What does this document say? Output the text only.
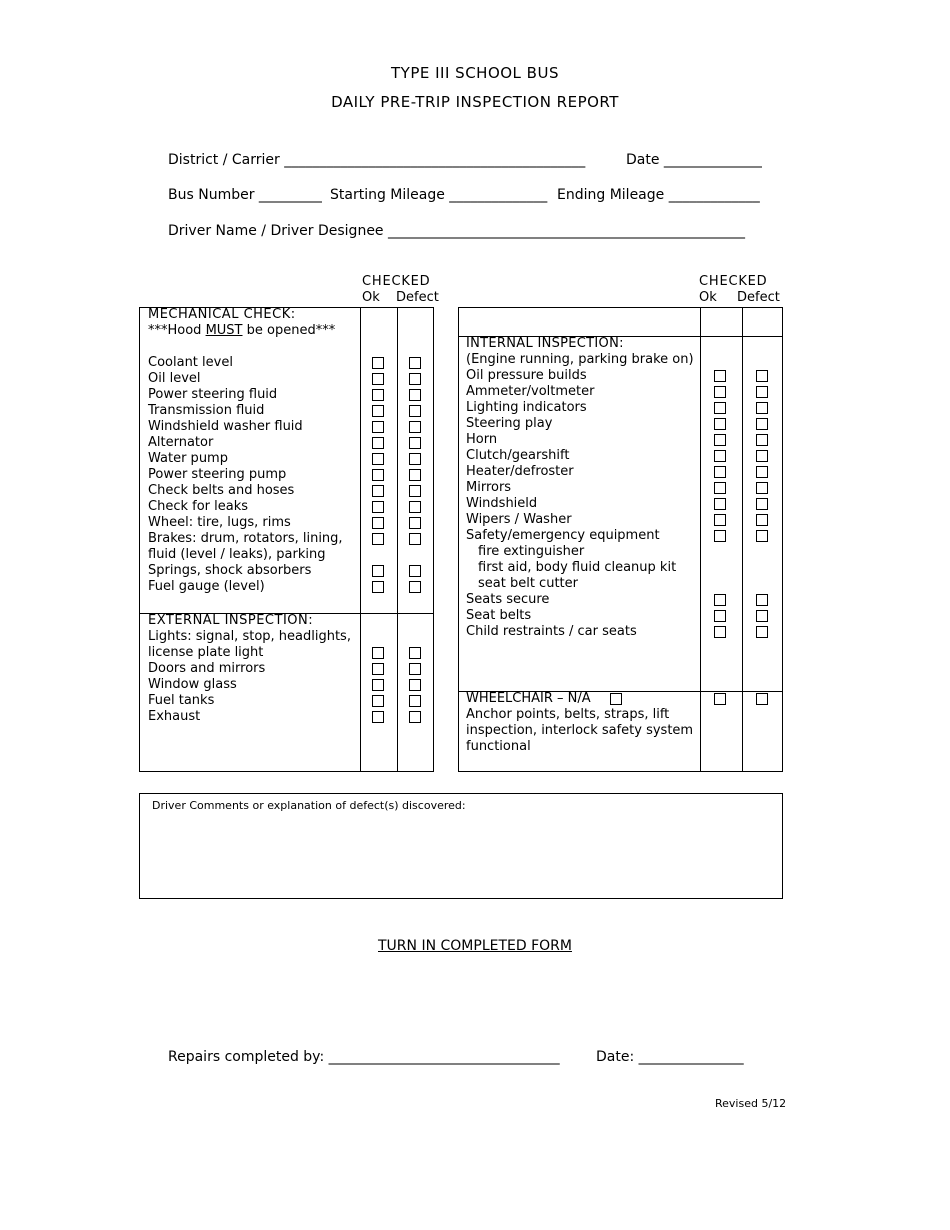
TYPE III SCHOOL BUS
DAILY PRE-TRIP INSPECTION REPORT
District / Carrier ___________________________________________	Date ______________
Bus Number _________ Starting Mileage ______________ Ending Mileage _____________
Driver Name / Driver Designee ___________________________________________________
CHECKED
Ok Defect
CHECKED
Ok Defect
MECHANICAL CHECK:
***Hood MUST be opened***
Coolant level
Oil level
Power steering fluid
Transmission fluid
Windshield washer fluid
Alternator
Water pump
Power steering pump
Check belts and hoses
Check for leaks
Wheel: tire, lugs, rims
Brakes: drum, rotators, lining,
fluid (level / leaks), parking
Springs, shock absorbers
Fuel gauge (level)
EXTERNAL INSPECTION:
Lights: signal, stop, headlights,
license plate light
Doors and mirrors
Window glass
Fuel tanks
Exhaust
INTERNAL INSPECTION:
(Engine running, parking brake on)
Oil pressure builds
Ammeter/voltmeter
Lighting indicators
Steering play
Horn
Clutch/gearshift
Heater/defroster
Mirrors
Windshield
Wipers / Washer
Safety/emergency equipment
fire extinguisher
first aid, body fluid cleanup kit
seat belt cutter
Seats secure
Seat belts
Child restraints / car seats
WHEELCHAIR – N/A
Anchor points, belts, straps, lift
inspection, interlock safety system
functional
Driver Comments or explanation of defect(s) discovered:
TURN IN COMPLETED FORM
Repairs completed by: _________________________________	Date: _______________
Revised 5/12
